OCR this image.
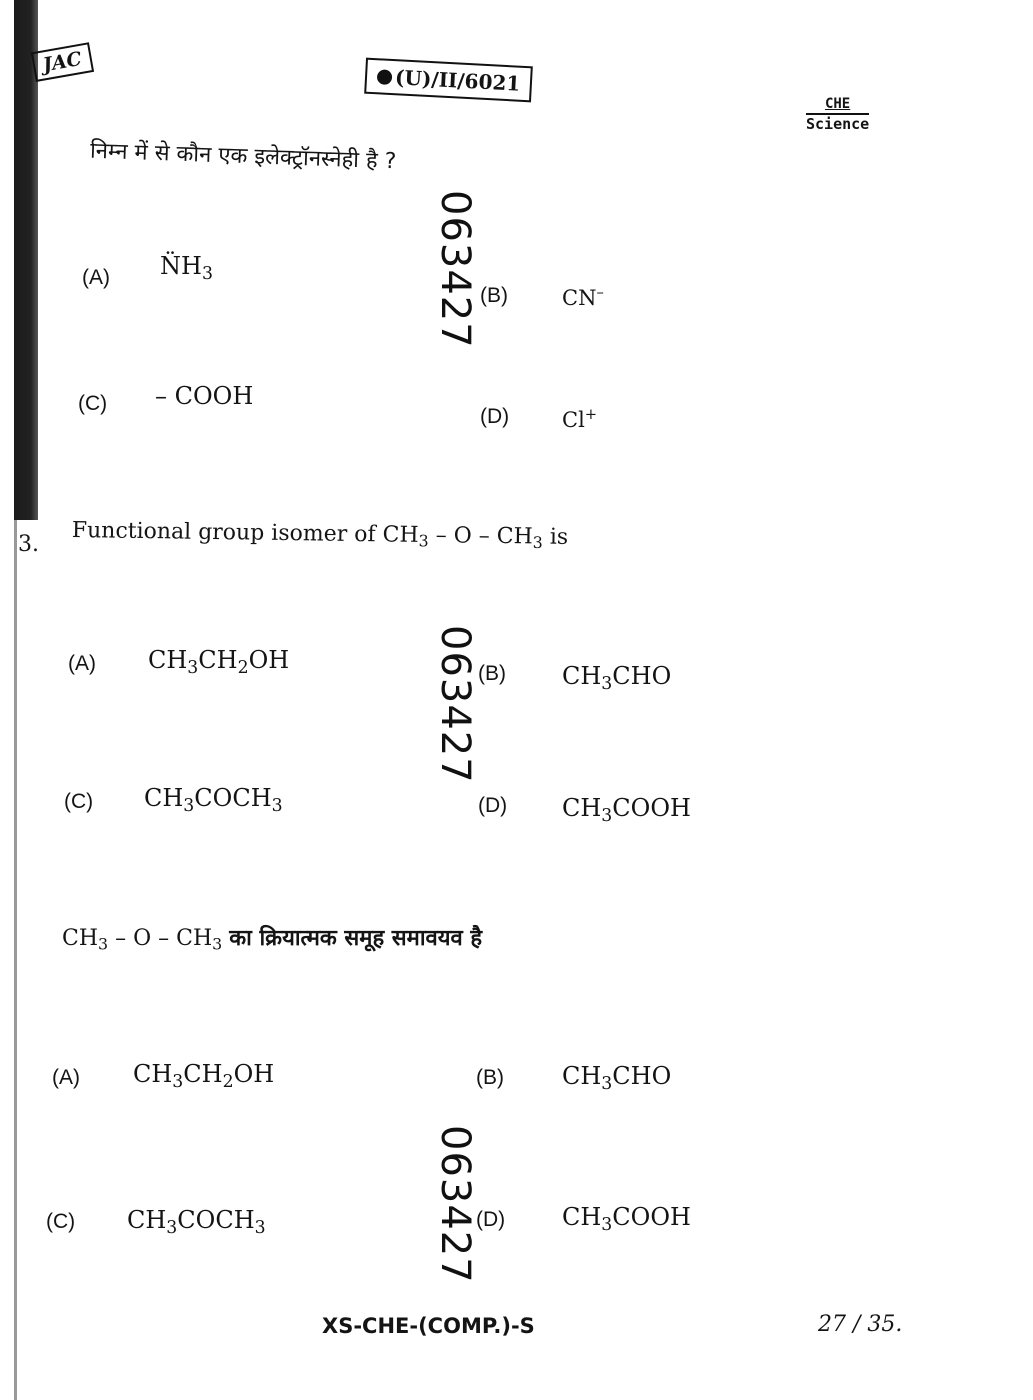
JAC
(U)/II/6021
CHE
Science
निम्न में से कौन एक इलेक्ट्रॉनस्नेही है ?
(A) $N̈H_3$
(B)	CN–
(C) – COOH
(D)	Cl+
063427
063427
063427
3. Functional group isomer of $CH_3$ – O – $CH_3$ is
(A) $CH_3CH_2OH$	(B) $CH_3CHO$
(C) $CH_3COCH_3$	(D) $CH_3COOH$
$CH_3$ – O – $CH_3$ का क्रियात्मक समूह समावयव है
(A) $CH_3CH_2OH$	(B) $CH_3CHO$
(C) $CH_3COCH_3$	(D) $CH_3COOH$
XS-CHE-(COMP.)-S	27 / 35.
